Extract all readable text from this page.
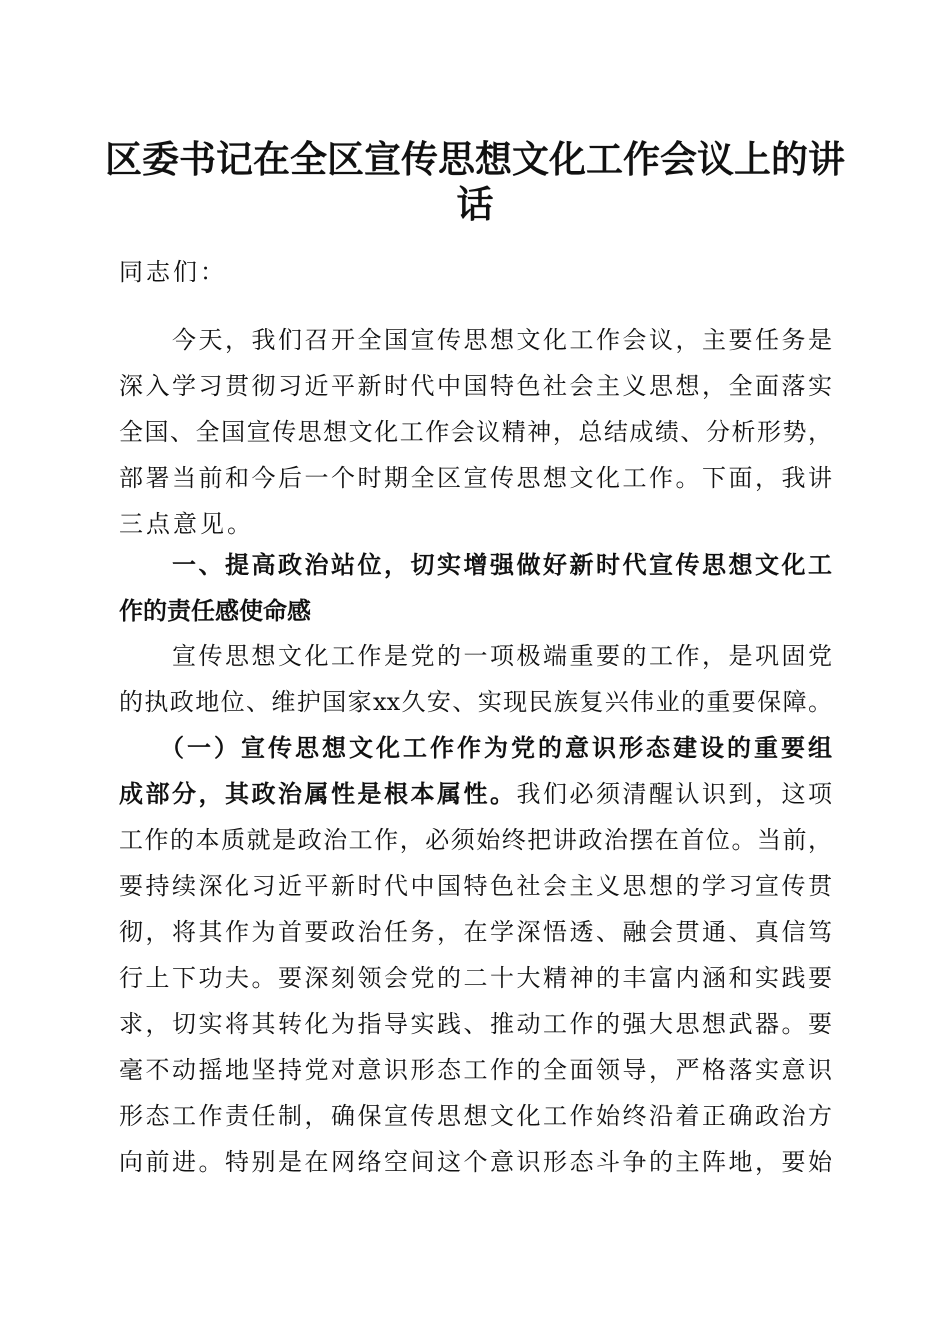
区委书记在全区宣传思想文化工作会议上的讲
话
同志们：
今天，我们召开全国宣传思想文化工作会议，主要任务是
深入学习贯彻习近平新时代中国特色社会主义思想，全面落实
全国、全国宣传思想文化工作会议精神，总结成绩、分析形势，
部署当前和今后一个时期全区宣传思想文化工作。下面，我讲
三点意见。
一、提高政治站位，切实增强做好新时代宣传思想文化工
作的责任感使命感
宣传思想文化工作是党的一项极端重要的工作，是巩固党
的执政地位、维护国家xx久安、实现民族复兴伟业的重要保障。
（一）宣传思想文化工作作为党的意识形态建设的重要组
成部分，其政治属性是根本属性。我们必须清醒认识到，这项
工作的本质就是政治工作，必须始终把讲政治摆在首位。当前，
要持续深化习近平新时代中国特色社会主义思想的学习宣传贯
彻，将其作为首要政治任务，在学深悟透、融会贯通、真信笃
行上下功夫。要深刻领会党的二十大精神的丰富内涵和实践要
求，切实将其转化为指导实践、推动工作的强大思想武器。要
毫不动摇地坚持党对意识形态工作的全面领导，严格落实意识
形态工作责任制，确保宣传思想文化工作始终沿着正确政治方
向前进。特别是在网络空间这个意识形态斗争的主阵地，要始
